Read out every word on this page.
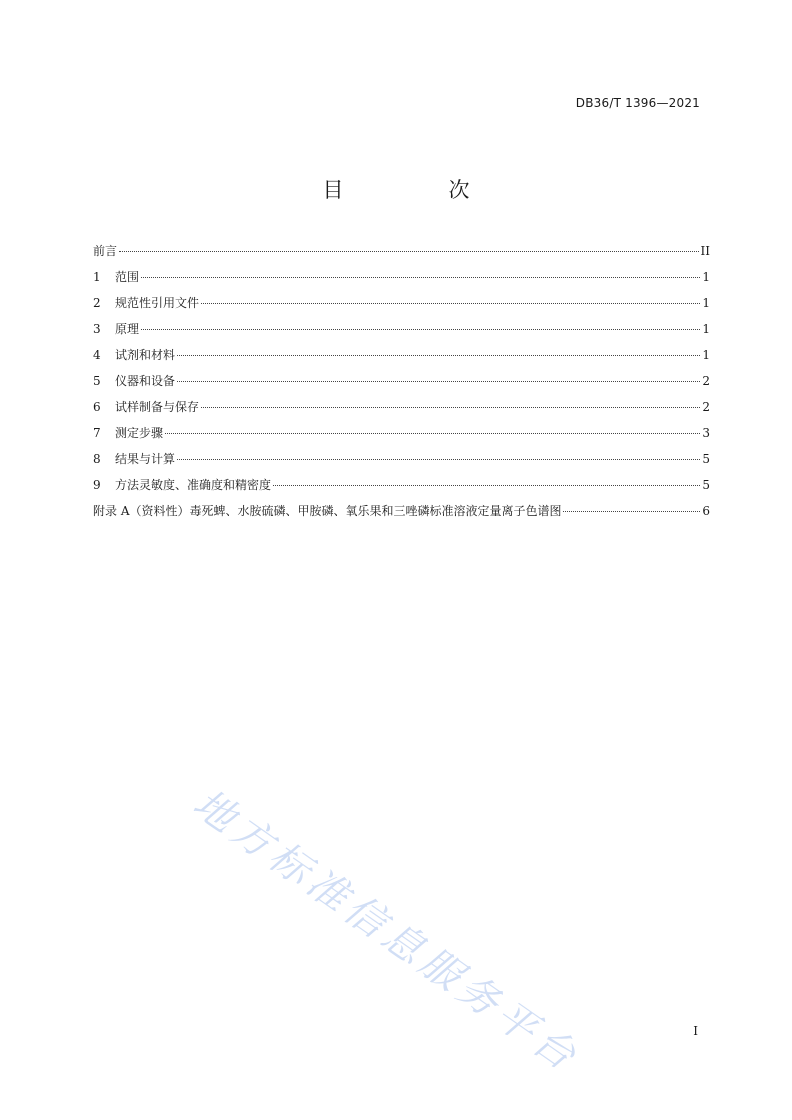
DB36/T 1396—2021
目　次
前言	II
1	范围	1
2	规范性引用文件	1
3	原理	1
4	试剂和材料	1
5	仪器和设备	2
6	试样制备与保存	2
7	测定步骤	3
8	结果与计算	5
9	方法灵敏度、准确度和精密度	5
附录 A（资料性）毒死蜱、水胺硫磷、甲胺磷、氧乐果和三唑磷标准溶液定量离子色谱图	6
地方标准信息服务平台	I
